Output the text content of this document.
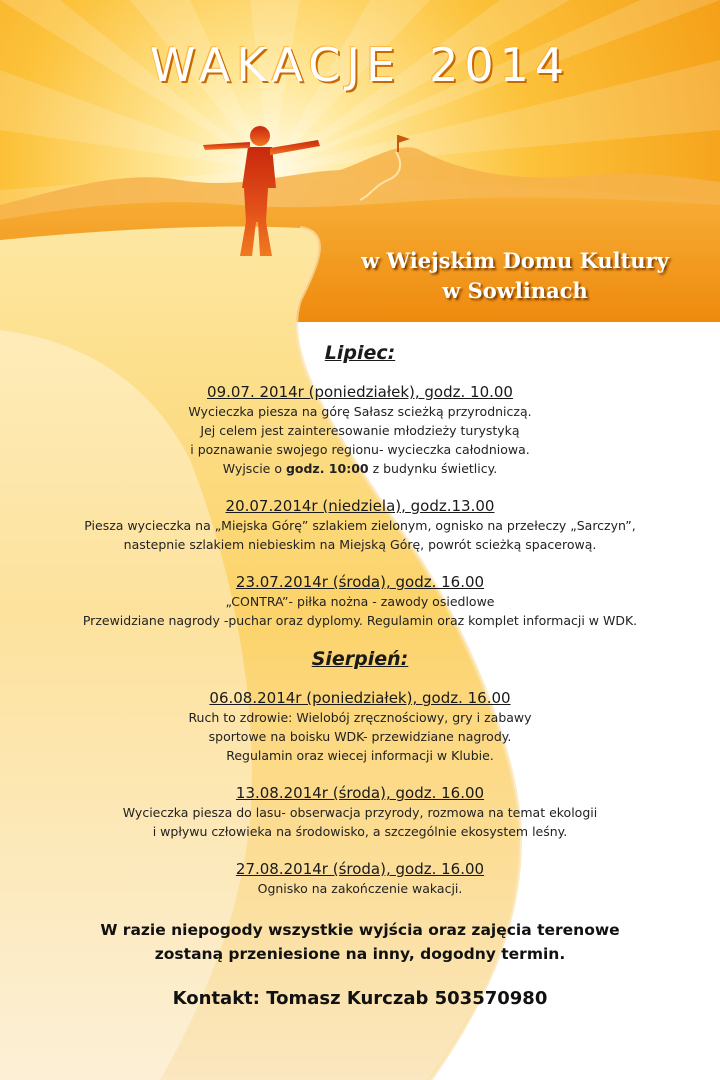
WAKACJE 2014
w Wiejskim Domu Kultury
w Sowlinach

Lipiec:

09.07. 2014r (poniedziałek), godz. 10.00

Wycieczka piesza na górę Sałasz scieżką przyrodniczą.

Jej celem jest zainteresowanie młodzieży turystyką

i poznawanie swojego regionu- wycieczka całodniowa.

Wyjscie o godz. 10:00 z budynku świetlicy.

20.07.2014r (niedziela), godz.13.00

Piesza wycieczka na „Miejska Górę” szlakiem zielonym, ognisko na przełeczy „Sarczyn”,

nastepnie szlakiem niebieskim na Miejską Górę, powrót scieżką spacerową.

23.07.2014r (środa), godz. 16.00

„CONTRA”- piłka nożna - zawody osiedlowe

Przewidziane nagrody -puchar oraz dyplomy. Regulamin oraz komplet informacji w WDK.

Sierpień:

06.08.2014r (poniedziałek), godz. 16.00

Ruch to zdrowie: Wielobój zręcznościowy, gry i zabawy

sportowe na boisku WDK- przewidziane nagrody.

Regulamin oraz wiecej informacji w Klubie.

13.08.2014r (środa), godz. 16.00

Wycieczka piesza do lasu- obserwacja przyrody, rozmowa na temat ekologii

i wpływu człowieka na środowisko, a szczególnie ekosystem leśny.

27.08.2014r (środa), godz. 16.00

Ognisko na zakończenie wakacji.

W razie niepogody wszystkie wyjścia oraz zajęcia terenowe
zostaną przeniesione na inny, dogodny termin.
Kontakt: Tomasz Kurczab 503570980
